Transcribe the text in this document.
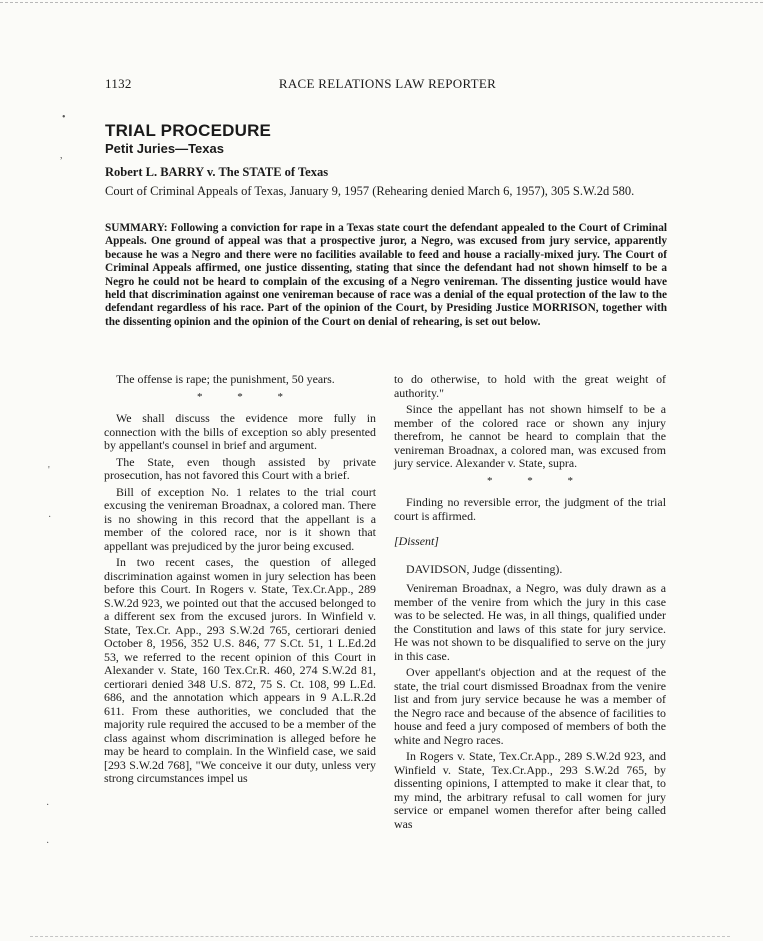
1132	RACE RELATIONS LAW REPORTER
TRIAL PROCEDURE
Petit Juries—Texas
Robert L. BARRY v. The STATE of Texas
Court of Criminal Appeals of Texas, January 9, 1957 (Rehearing denied March 6, 1957), 305 S.W.2d 580.
SUMMARY: Following a conviction for rape in a Texas state court the defendant appealed to the Court of Criminal Appeals. One ground of appeal was that a prospective juror, a Negro, was excused from jury service, apparently because he was a Negro and there were no facilities available to feed and house a racially-mixed jury. The Court of Criminal Appeals affirmed, one justice dissenting, stating that since the defendant had not shown himself to be a Negro he could not be heard to complain of the excusing of a Negro venireman. The dissenting justice would have held that discrimination against one venireman because of race was a denial of the equal protection of the law to the defendant regardless of his race. Part of the opinion of the Court, by Presiding Justice MORRISON, together with the dissenting opinion and the opinion of the Court on denial of rehearing, is set out below.

The offense is rape; the punishment, 50 years.

* * *

We shall discuss the evidence more fully in connection with the bills of exception so ably presented by appellant's counsel in brief and argument.

The State, even though assisted by private prosecution, has not favored this Court with a brief.

Bill of exception No. 1 relates to the trial court excusing the venireman Broadnax, a colored man. There is no showing in this record that the appellant is a member of the colored race, nor is it shown that appellant was prejudiced by the juror being excused.

In two recent cases, the question of alleged discrimination against women in jury selection has been before this Court. In Rogers v. State, Tex.Cr.App., 289 S.W.2d 923, we pointed out that the accused belonged to a different sex from the excused jurors. In Winfield v. State, Tex.Cr. App., 293 S.W.2d 765, certiorari denied October 8, 1956, 352 U.S. 846, 77 S.Ct. 51, 1 L.Ed.2d 53, we referred to the recent opinion of this Court in Alexander v. State, 160 Tex.Cr.R. 460, 274 S.W.2d 81, certiorari denied 348 U.S. 872, 75 S. Ct. 108, 99 L.Ed. 686, and the annotation which appears in 9 A.L.R.2d 611. From these authorities, we concluded that the majority rule required the accused to be a member of the class against whom discrimination is alleged before he may be heard to complain. In the Winfield case, we said [293 S.W.2d 768], "We conceive it our duty, unless very strong circumstances impel us

to do otherwise, to hold with the great weight of authority."

Since the appellant has not shown himself to be a member of the colored race or shown any injury therefrom, he cannot be heard to complain that the venireman Broadnax, a colored man, was excused from jury service. Alexander v. State, supra.

* * *

Finding no reversible error, the judgment of the trial court is affirmed.

[Dissent]

DAVIDSON, Judge (dissenting).

Venireman Broadnax, a Negro, was duly drawn as a member of the venire from which the jury in this case was to be selected. He was, in all things, qualified under the Constitution and laws of this state for jury service. He was not shown to be disqualified to serve on the jury in this case.

Over appellant's objection and at the request of the state, the trial court dismissed Broadnax from the venire list and from jury service because he was a member of the Negro race and because of the absence of facilities to house and feed a jury composed of members of both the white and Negro races.

In Rogers v. State, Tex.Cr.App., 289 S.W.2d 923, and Winfield v. State, Tex.Cr.App., 293 S.W.2d 765, by dissenting opinions, I attempted to make it clear that, to my mind, the arbitrary refusal to call women for jury service or empanel women therefor after being called was

•
,
'
·
·
·
